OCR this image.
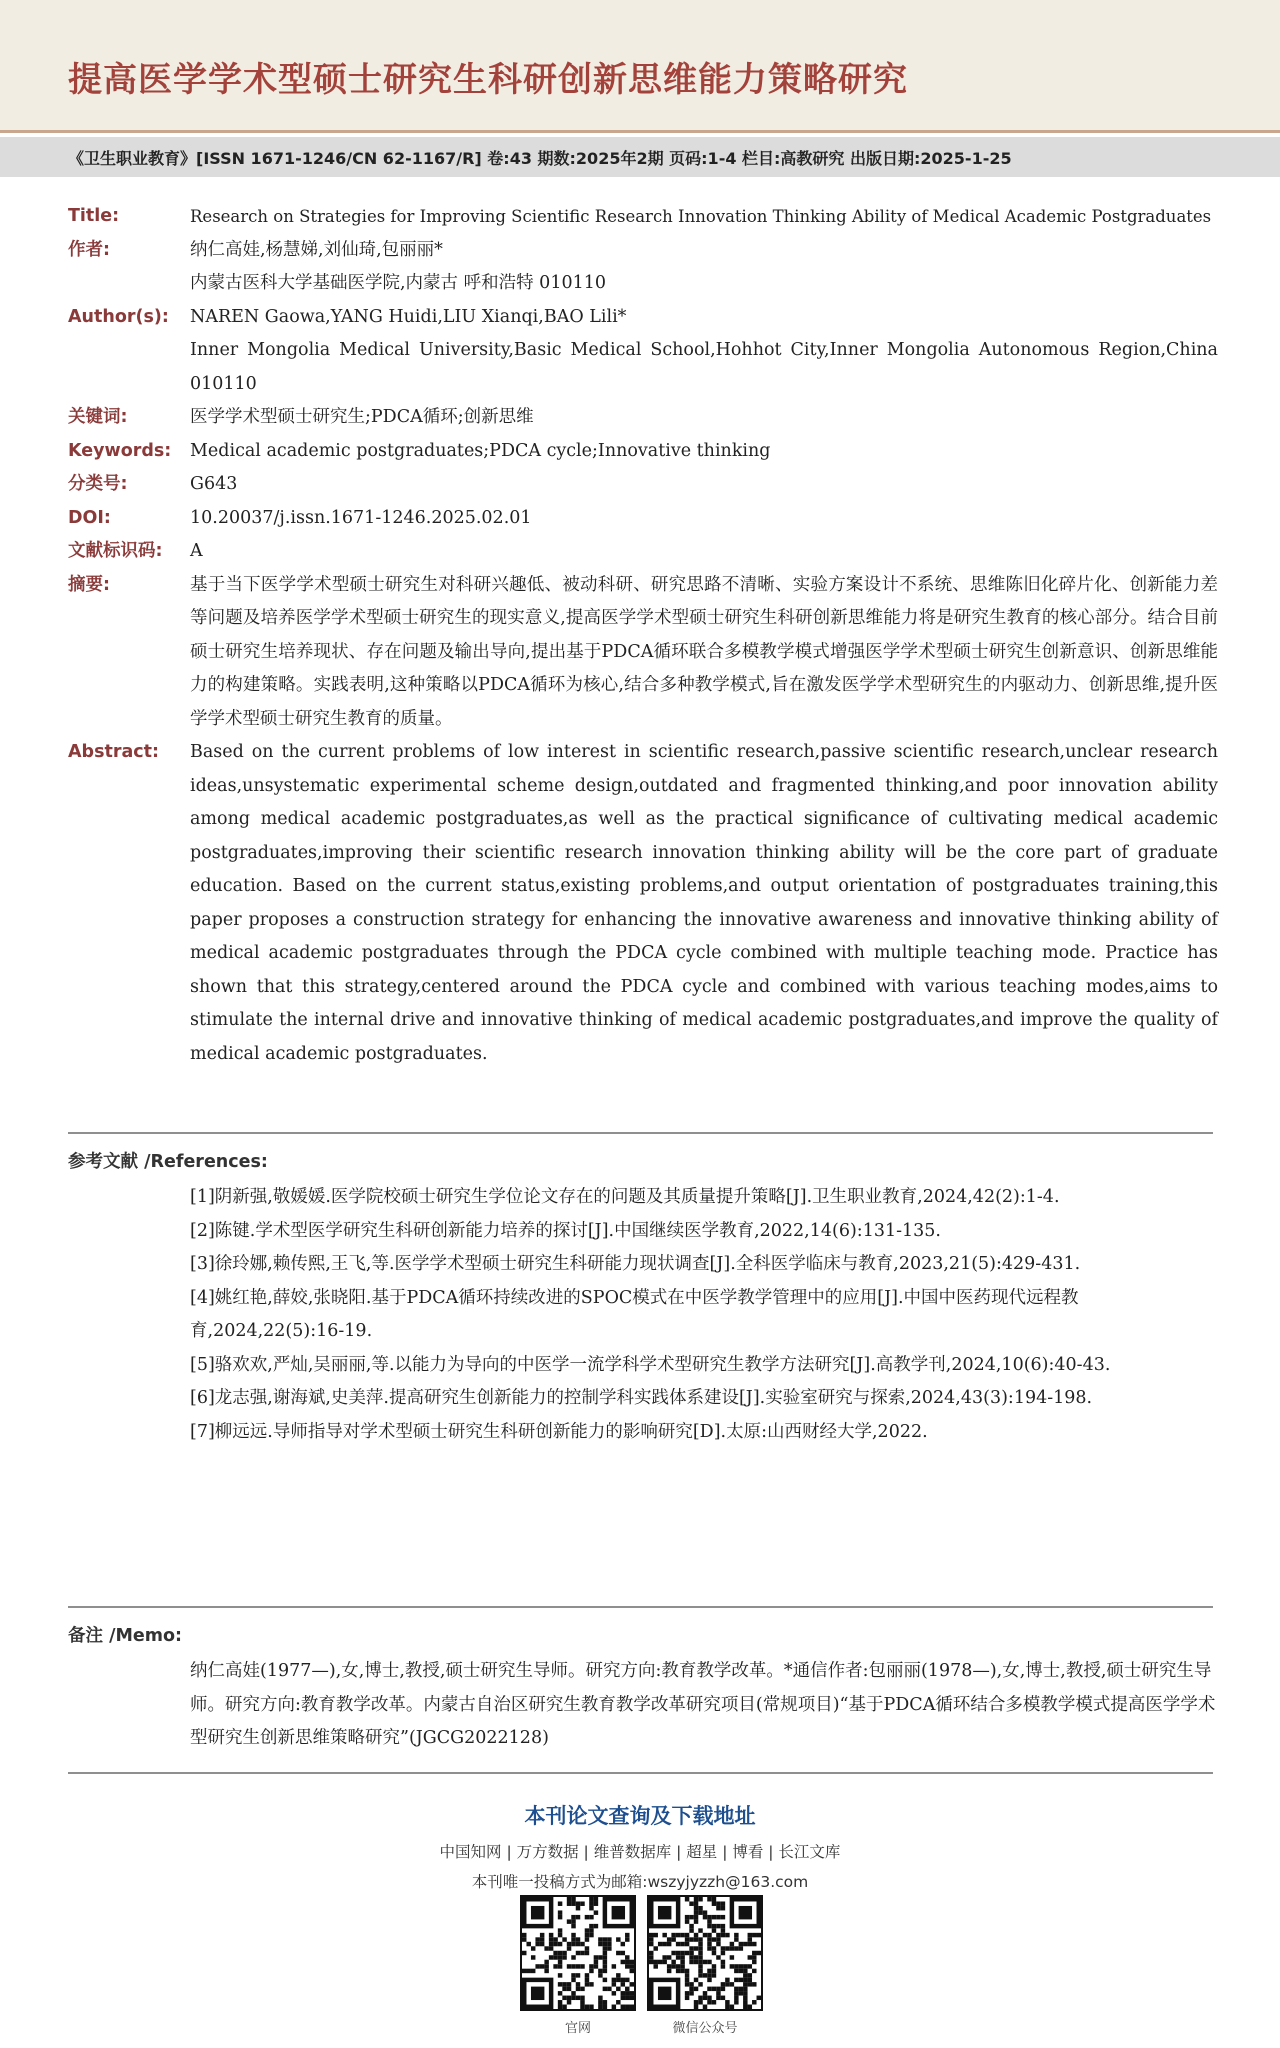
提高医学学术型硕士研究生科研创新思维能力策略研究

《卫生职业教育》[ISSN 1671-1246/CN 62-1167/R] 卷:43 期数:2025年2期 页码:1-4 栏目:高教研究 出版日期:2025-1-25

Title:	Research on Strategies for Improving Scientific Research Innovation Thinking Ability of Medical Academic Postgraduates

作者:	纳仁高娃,杨慧娣,刘仙琦,包丽丽*

内蒙古医科大学基础医学院,内蒙古 呼和浩特 010110

Author(s):	NAREN Gaowa,YANG Huidi,LIU Xianqi,BAO Lili*

Inner Mongolia Medical University,Basic Medical School,Hohhot City,Inner Mongolia Autonomous Region,China 010110

关键词:	医学学术型硕士研究生;PDCA循环;创新思维

Keywords:	Medical academic postgraduates;PDCA cycle;Innovative thinking

分类号:	G643

DOI:	10.20037/j.issn.1671-1246.2025.02.01

文献标识码:	A

摘要:	基于当下医学学术型硕士研究生对科研兴趣低、被动科研、研究思路不清晰、实验方案设计不系统、思维陈旧化碎片化、创新能力差等问题及培养医学学术型硕士研究生的现实意义,提高医学学术型硕士研究生科研创新思维能力将是研究生教育的核心部分。结合目前硕士研究生培养现状、存在问题及输出导向,提出基于PDCA循环联合多模教学模式增强医学学术型硕士研究生创新意识、创新思维能力的构建策略。实践表明,这种策略以PDCA循环为核心,结合多种教学模式,旨在激发医学学术型研究生的内驱动力、创新思维,提升医学学术型硕士研究生教育的质量。

Abstract:	Based on the current problems of low interest in scientific research,passive scientific research,unclear research ideas,unsystematic experimental scheme design,outdated and fragmented thinking,and poor innovation ability among medical academic postgraduates,as well as the practical significance of cultivating medical academic postgraduates,improving their scientific research innovation thinking ability will be the core part of graduate education. Based on the current status,existing problems,and output orientation of postgraduates training,this paper proposes a construction strategy for enhancing the innovative awareness and innovative thinking ability of medical academic postgraduates through the PDCA cycle combined with multiple teaching mode. Practice has shown that this strategy,centered around the PDCA cycle and combined with various teaching modes,aims to stimulate the internal drive and innovative thinking of medical academic postgraduates,and improve the quality of medical academic postgraduates.

参考文献 /References:

[1]阴新强,敬媛媛.医学院校硕士研究生学位论文存在的问题及其质量提升策略[J].卫生职业教育,2024,42(2):1-4.
[2]陈键.学术型医学研究生科研创新能力培养的探讨[J].中国继续医学教育,2022,14(6):131-135.
[3]徐玲娜,赖传熙,王飞,等.医学学术型硕士研究生科研能力现状调查[J].全科医学临床与教育,2023,21(5):429-431.
[4]姚红艳,薛姣,张晓阳.基于PDCA循环持续改进的SPOC模式在中医学教学管理中的应用[J].中国中医药现代远程教育,2024,22(5):16-19.
[5]骆欢欢,严灿,吴丽丽,等.以能力为导向的中医学一流学科学术型研究生教学方法研究[J].高教学刊,2024,10(6):40-43.
[6]龙志强,谢海斌,史美萍.提高研究生创新能力的控制学科实践体系建设[J].实验室研究与探索,2024,43(3):194-198.
[7]柳远远.导师指导对学术型硕士研究生科研创新能力的影响研究[D].太原:山西财经大学,2022.

备注 /Memo:

纳仁高娃(1977—),女,博士,教授,硕士研究生导师。研究方向:教育教学改革。*通信作者:包丽丽(1978—),女,博士,教授,硕士研究生导师。研究方向:教育教学改革。内蒙古自治区研究生教育教学改革研究项目(常规项目)“基于PDCA循环结合多模教学模式提高医学学术型研究生创新思维策略研究”(JGCG2022128)

本刊论文查询及下载地址

中国知网 | 万方数据 | 维普数据库 | 超星 | 博看 | 长江文库

本刊唯一投稿方式为邮箱:wszyjyzzh@163.com

官网	微信公众号
